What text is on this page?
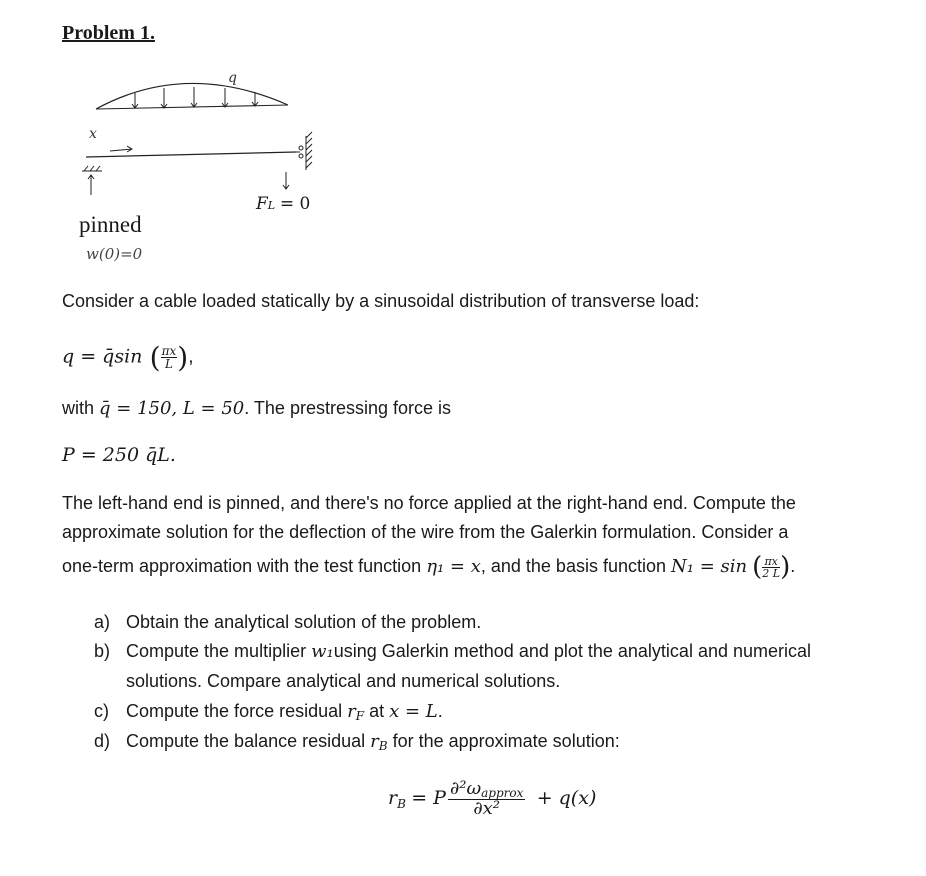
Problem 1.
q
x
FL = 0
pinned
w(0)=0
Consider a cable loaded statically by a sinusoidal distribution of transverse load:
q = q̄sin ( $\frac{\pi x}{L}$ ),
with q̄ = 150, L = 50. The prestressing force is
P = 250 q̄L.
The left-hand end is pinned, and there's no force applied at the right-hand end. Compute the
approximate solution for the deflection of the wire from the Galerkin formulation. Consider a
one-term approximation with the test function η₁ = x, and the basis function N₁ = sin ( $\frac{\pi x}{2 L}$ ).
a) Obtain the analytical solution of the problem.
b) Compute the multiplier w₁using Galerkin method and plot the analytical and numerical
solutions. Compare analytical and numerical solutions.
c) Compute the force residual rF at x = L.
d) Compute the balance residual rB for the approximate solution:
$r_B = P \frac{\text{∂²ωapprox}}{\text{∂x²}} + q(x)$
